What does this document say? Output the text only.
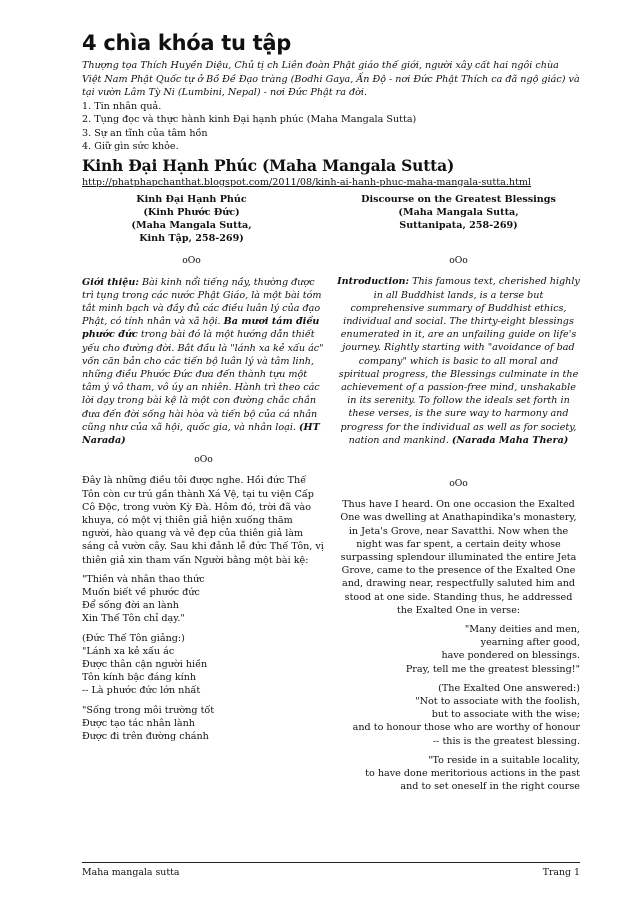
4 chìa khóa tu tập

Thượng tọa Thích Huyền Diệu, Chủ tị ch Liên đoàn Phật giáo thế giới, người xây cất hai ngôi chùa Việt Nam Phật Quốc tự ở Bồ Đề Đạo tràng (Bodhi Gaya, Ấn Độ - nơi Đức Phật Thích ca đã ngộ giác) và tại vườn Lâm Tỳ Ni (Lumbini, Nepal) - nơi Đức Phật ra đời.

1. Tin nhân quả.
2. Tụng đọc và thực hành kinh Đại hạnh phúc (Maha Mangala Sutta)
3. Sự an tĩnh của tâm hồn
4. Giữ gìn sức khỏe.
Kinh Đại Hạnh Phúc (Maha Mangala Sutta)
http://phatphapchanthat.blogspot.com/2011/08/kinh-ai-hanh-phuc-maha-mangala-sutta.html
Kinh Đại Hạnh Phúc
(Kinh Phước Đức)
(Maha Mangala Sutta,
Kinh Tập, 258-269)
oOo
Giới thiệu: Bài kinh nổi tiếng nầy, thường được trì tụng trong các nước Phật Giáo, là một bài tóm tắt minh bạch và đầy đủ các điều luân lý của đạo Phật, có tính nhân và xã hội. Ba mươi tám điều phước đức trong bài đó là một hướng dẫn thiết yếu cho đường đời. Bắt đầu là "lánh xa kẻ xấu ác" vốn căn bản cho các tiến bộ luân lý và tâm linh, những điều Phước Đức đưa đến thành tựu một tâm ý vô tham, vô úy an nhiên. Hành trì theo các lời dạy trong bài kệ là một con đường chắc chắn đưa đến đời sống hài hòa và tiến bộ của cá nhân cũng như của xã hội, quốc gia, và nhân loại. (HT Narada)
oOo
Đây là những điều tôi được nghe. Hồi đức Thế Tôn còn cư trú gần thành Xá Vệ, tại tu viện Cấp Cô Độc, trong vườn Kỳ Đà. Hôm đó, trời đã vào khuya, có một vị thiên giả hiện xuống thăm người, hào quang và vẻ đẹp của thiên giả làm sáng cả vườn cây. Sau khi đảnh lễ đức Thế Tôn, vị thiên giả xin tham vấn Người bằng một bài kệ:
"Thiên và nhân thao thức
Muốn biết về phước đức
Để sống đời an lành
Xin Thế Tôn chỉ dạy."
(Đức Thế Tôn giảng:)
"Lánh xa kẻ xấu ác
Được thân cận người hiền
Tôn kính bậc đáng kính
-- Là phước đức lớn nhất
"Sống trong môi trường tốt
Được tạo tác nhân lành
Được đi trên đường chánh
Discourse on the Greatest Blessings
(Maha Mangala Sutta,
Suttanipata, 258-269)
oOo
Introduction: This famous text, cherished highly in all Buddhist lands, is a terse but comprehensive summary of Buddhist ethics, individual and social. The thirty-eight blessings enumerated in it, are an unfailing guide on life's journey. Rightly starting with "avoidance of bad company" which is basic to all moral and spiritual progress, the Blessings culminate in the achievement of a passion-free mind, unshakable in its serenity. To follow the ideals set forth in these verses, is the sure way to harmony and progress for the individual as well as for society, nation and mankind. (Narada Maha Thera)
oOo
Thus have I heard. On one occasion the Exalted One was dwelling at Anathapindika's monastery, in Jeta's Grove, near Savatthi. Now when the night was far spent, a certain deity whose surpassing splendour illuminated the entire Jeta Grove, came to the presence of the Exalted One and, drawing near, respectfully saluted him and stood at one side. Standing thus, he addressed the Exalted One in verse:
"Many deities and men,
yearning after good,
have pondered on blessings.
Pray, tell me the greatest blessing!"
(The Exalted One answered:)
"Not to associate with the foolish,
but to associate with the wise;
and to honour those who are worthy of honour
-- this is the greatest blessing.
"To reside in a suitable locality,
to have done meritorious actions in the past
and to set oneself in the right course
Maha mangala sutta	Trang 1
